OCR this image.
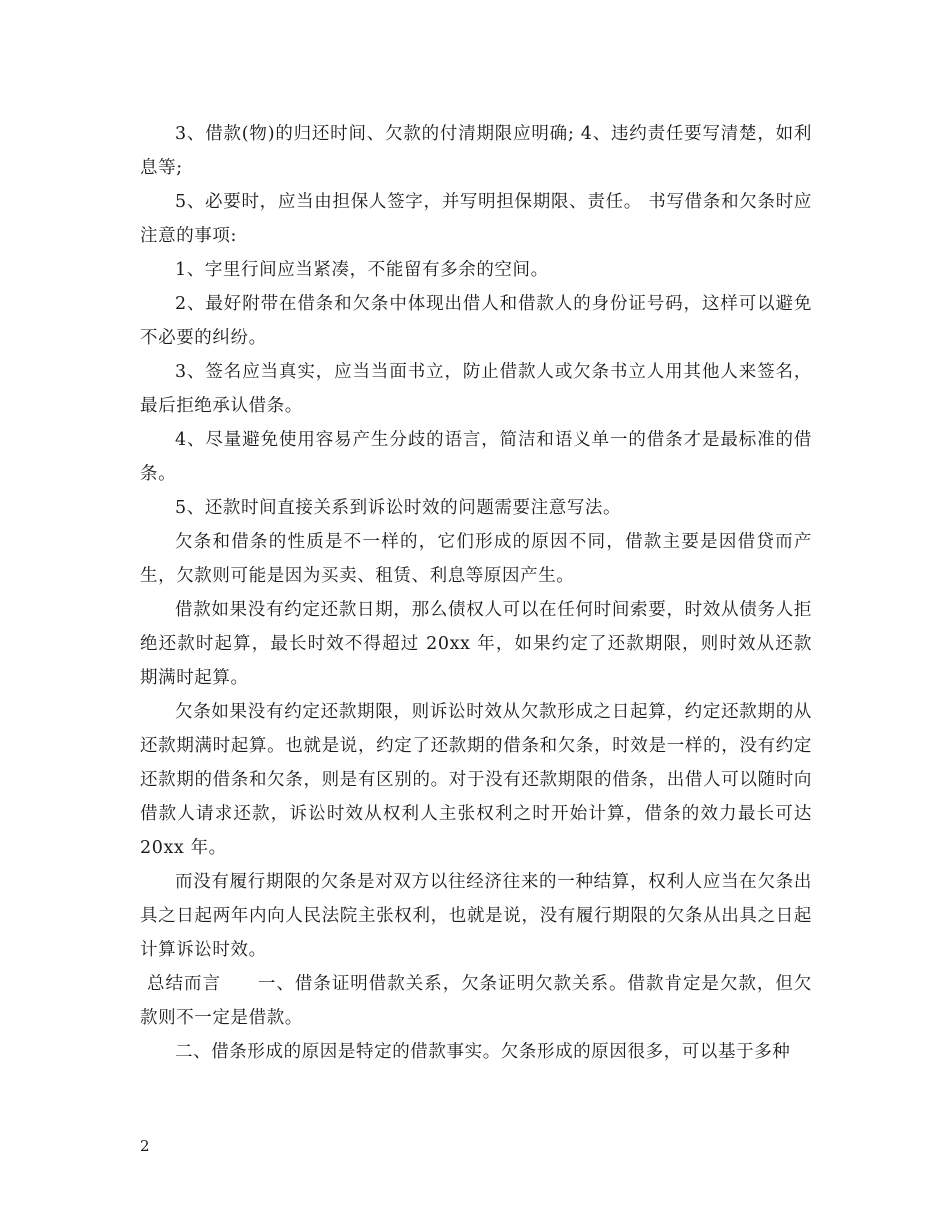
3、借款(物)的归还时间、欠款的付清期限应明确; 4、违约责任要写清楚，如利息等;

5、必要时，应当由担保人签字，并写明担保期限、责任。 书写借条和欠条时应注意的事项:

1、字里行间应当紧凑，不能留有多余的空间。

2、最好附带在借条和欠条中体现出借人和借款人的身份证号码，这样可以避免不必要的纠纷。

3、签名应当真实，应当当面书立，防止借款人或欠条书立人用其他人来签名，最后拒绝承认借条。

4、尽量避免使用容易产生分歧的语言，简洁和语义单一的借条才是最标准的借条。

5、还款时间直接关系到诉讼时效的问题需要注意写法。

欠条和借条的性质是不一样的，它们形成的原因不同，借款主要是因借贷而产生，欠款则可能是因为买卖、租赁、利息等原因产生。

借款如果没有约定还款日期，那么债权人可以在任何时间索要，时效从债务人拒绝还款时起算，最长时效不得超过 20xx 年，如果约定了还款期限，则时效从还款期满时起算。

欠条如果没有约定还款期限，则诉讼时效从欠款形成之日起算，约定还款期的从还款期满时起算。也就是说，约定了还款期的借条和欠条，时效是一样的，没有约定还款期的借条和欠条，则是有区别的。对于没有还款期限的借条，出借人可以随时向借款人请求还款，诉讼时效从权利人主张权利之时开始计算，借条的效力最长可达 20xx 年。

而没有履行期限的欠条是对双方以往经济往来的一种结算，权利人应当在欠条出具之日起两年内向人民法院主张权利，也就是说，没有履行期限的欠条从出具之日起计算诉讼时效。

总结而言　　一、借条证明借款关系，欠条证明欠款关系。借款肯定是欠款，但欠款则不一定是借款。

二、借条形成的原因是特定的借款事实。欠条形成的原因很多，可以基于多种

2
